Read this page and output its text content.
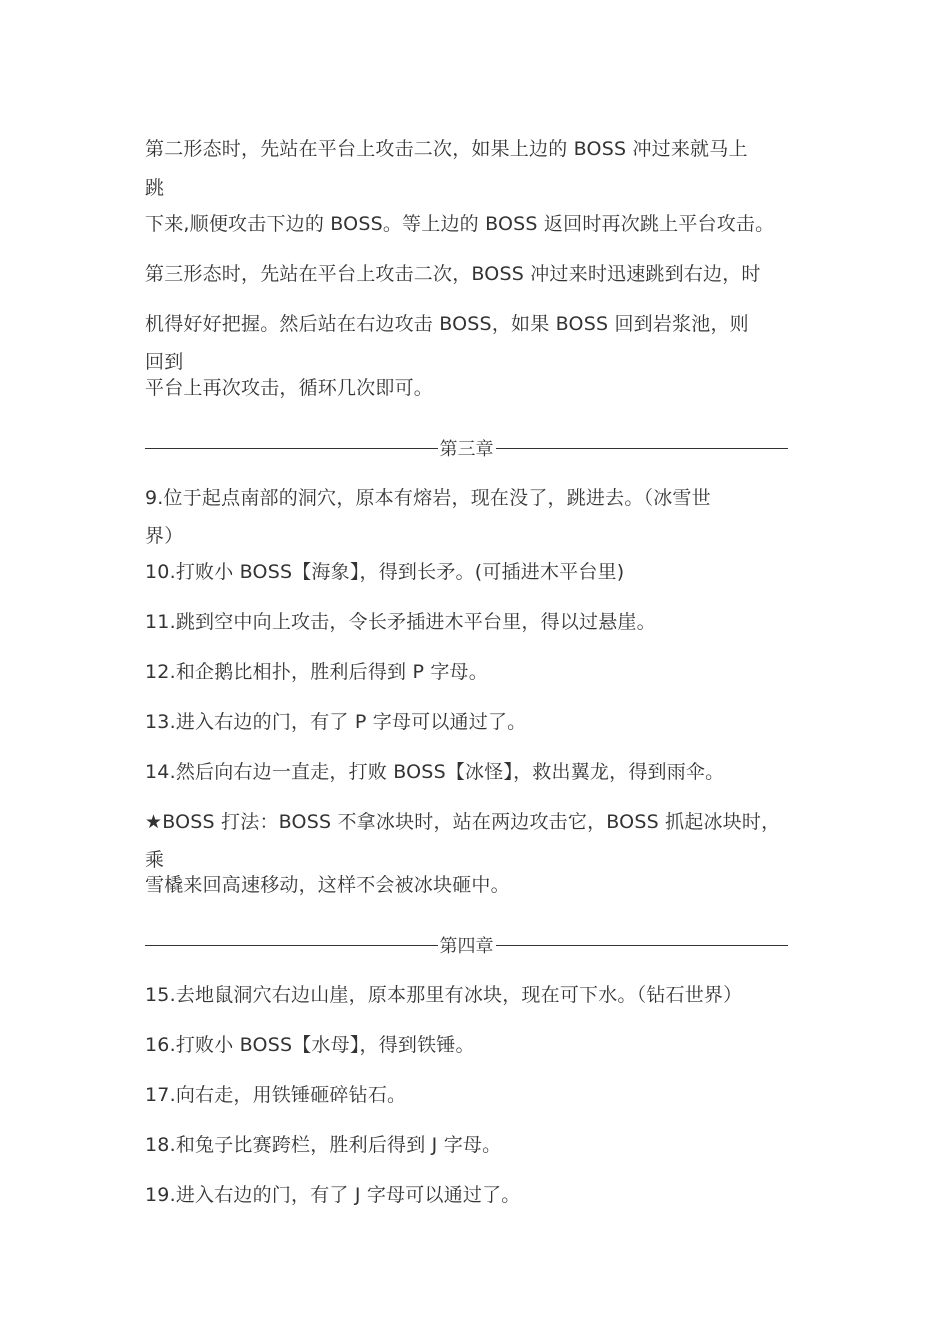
第二形态时，先站在平台上攻击二次，如果上边的 BOSS 冲过来就马上
跳
下来,顺便攻击下边的 BOSS。等上边的 BOSS 返回时再次跳上平台攻击。
第三形态时，先站在平台上攻击二次，BOSS 冲过来时迅速跳到右边，时
机得好好把握。然后站在右边攻击 BOSS，如果 BOSS 回到岩浆池，则
回到
平台上再次攻击，循环几次即可。
第三章
9.位于起点南部的洞穴，原本有熔岩，现在没了，跳进去。（冰雪世
界）
10.打败小 BOSS【海象】，得到长矛。(可插进木平台里)
11.跳到空中向上攻击，令长矛插进木平台里，得以过悬崖。
12.和企鹅比相扑，胜利后得到 P 字母。
13.进入右边的门，有了 P 字母可以通过了。
14.然后向右边一直走，打败 BOSS【冰怪】，救出翼龙，得到雨伞。
★BOSS 打法：BOSS 不拿冰块时，站在两边攻击它，BOSS 抓起冰块时，
乘
雪橇来回高速移动，这样不会被冰块砸中。
第四章
15.去地鼠洞穴右边山崖，原本那里有冰块，现在可下水。（钻石世界）
16.打败小 BOSS【水母】，得到铁锤。
17.向右走，用铁锤砸碎钻石。
18.和兔子比赛跨栏，胜利后得到 J 字母。
19.进入右边的门，有了 J 字母可以通过了。
